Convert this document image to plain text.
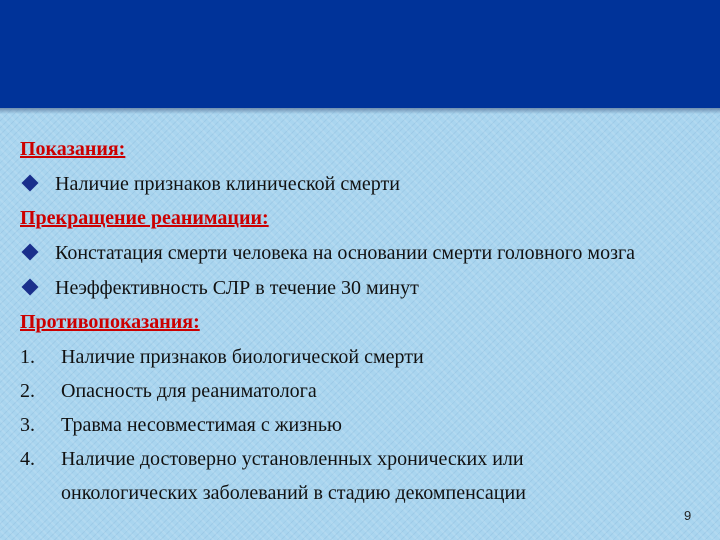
Показания:
Наличие признаков клинической смерти
Прекращение реанимации:
Констатация смерти человека на основании смерти головного мозга
Неэффективность СЛР в течение 30 минут
Противопоказания:
1. Наличие признаков биологической смерти
2. Опасность для реаниматолога
3. Травма несовместимая с жизнью
4. Наличие достоверно установленных хронических или онкологических заболеваний в стадию декомпенсации
9
